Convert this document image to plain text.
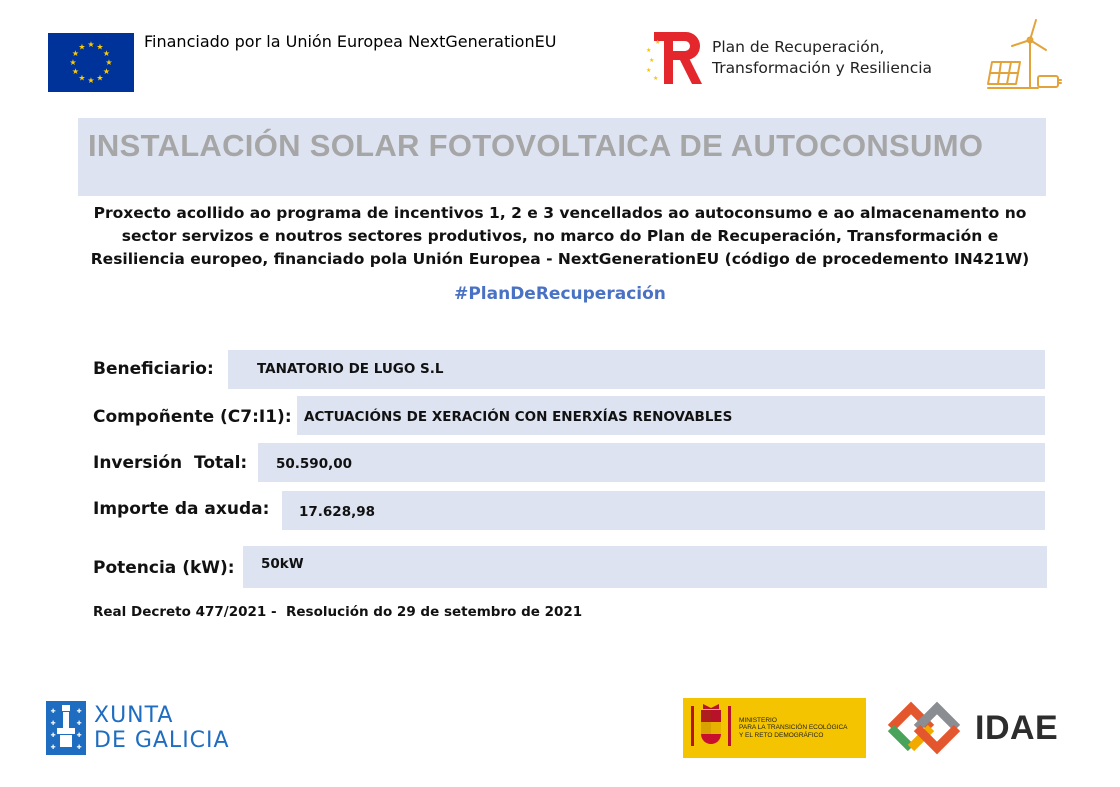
★ ★
★
★
★
★
★
★
★
★
★
★	Financiado por la Unión Europea NextGenerationEU	★
★
★
★
★	Plan de Recuperación,
Transformación y Resiliencia
INSTALACIÓN SOLAR FOTOVOLTAICA DE AUTOCONSUMO
Proxecto acollido ao programa de incentivos 1, 2 e 3 vencellados ao autoconsumo e ao almacenamento no
sector servizos e noutros sectores produtivos, no marco do Plan de Recuperación, Transformación e
Resiliencia europeo, financiado pola Unión Europea - NextGenerationEU (código de procedemento IN421W)
#PlanDeRecuperación
Beneficiario:	TANATORIO DE LUGO S.L
Compoñente (C7:I1): ACTUACIÓNS DE XERACIÓN CON ENERXÍAS RENOVABLES
Inversión  Total: 50.590,00
Importe da axuda: 17.628,98
Potencia (kW): 50kW
Real Decreto 477/2021 -  Resolución do 29 de setembro de 2021
✚	✚
✚	✚
✚	✚
✚	✚
XUNTA
DE GALICIA
MINISTERIO
PARA LA TRANSICIÓN ECOLÓGICA
Y EL RETO DEMOGRÁFICO	IDAE
